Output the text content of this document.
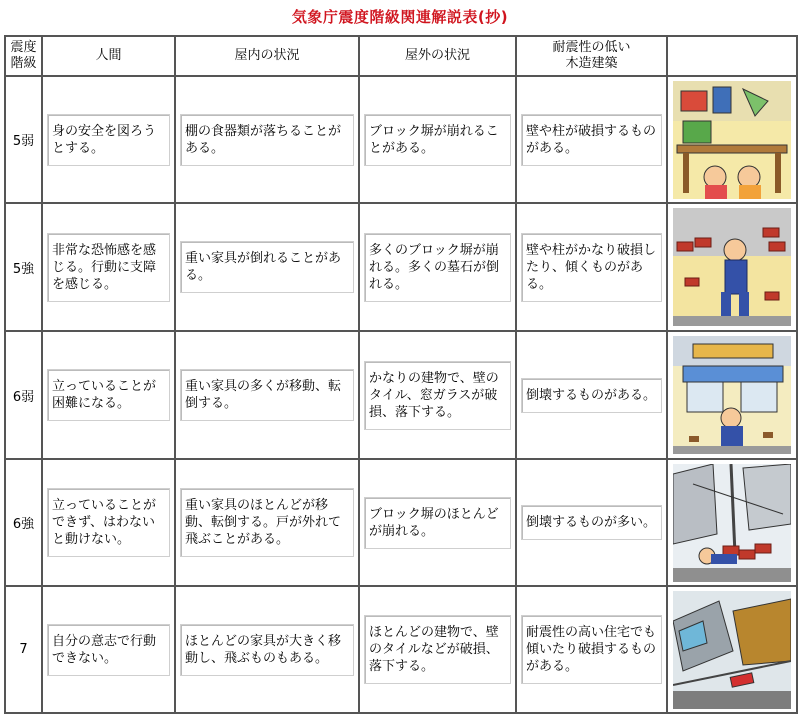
気象庁震度階級関連解説表(抄)
震度階級	人間	屋内の状況	屋外の状況	耐震性の低い
木造建築	
5弱	身の安全を図ろうとする。	棚の食器類が落ちることがある。	ブロック塀が崩れることがある。	壁や柱が破損するものがある。

5強	非常な恐怖感を感じる。行動に支障を感じる。	重い家具が倒れることがある。	多くのブロック塀が崩れる。多くの墓石が倒れる。	壁や柱がかなり破損したり、傾くものがある。

6弱	立っていることが困難になる。	重い家具の多くが移動、転倒する。	かなりの建物で、壁のタイル、窓ガラスが破損、落下する。	倒壊するものがある。

6強	立っていることができず、はわないと動けない。	重い家具のほとんどが移動、転倒する。戸が外れて飛ぶことがある。	ブロック塀のほとんどが崩れる。	倒壊するものが多い。

7	自分の意志で行動できない。	ほとんどの家具が大きく移動し、飛ぶものもある。	ほとんどの建物で、壁のタイルなどが破損、落下する。	耐震性の高い住宅でも傾いたり破損するものがある。
